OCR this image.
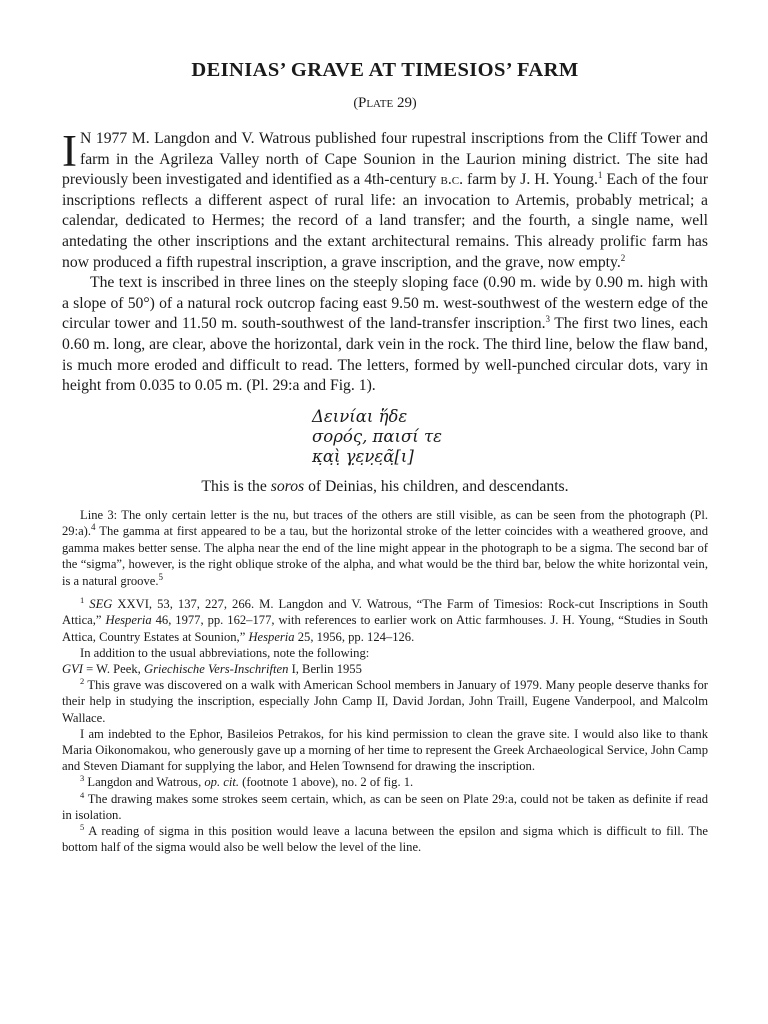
DEINIAS’ GRAVE AT TIMESIOS’ FARM
(Plate 29)

I N 1977 M. Langdon and V. Watrous published four rupestral inscriptions from the Cliff Tower and farm in the Agrileza Valley north of Cape Sounion in the Laurion mining district. The site had previously been investigated and identified as a 4th-century b.c. farm by J. H. Young.$^1$ Each of the four inscriptions reflects a different aspect of rural life: an invocation to Artemis, probably metrical; a calendar, dedicated to Hermes; the record of a land transfer; and the fourth, a single name, well antedating the other inscriptions and the extant architectural remains. This already prolific farm has now produced a fifth rupestral inscription, a grave inscription, and the grave, now empty.$^2$

The text is inscribed in three lines on the steeply sloping face (0.90 m. wide by 0.90 m. high with a slope of 50°) of a natural rock outcrop facing east 9.50 m. west-southwest of the western edge of the circular tower and 11.50 m. south-southwest of the land-transfer inscription.$^3$ The first two lines, each 0.60 m. long, are clear, above the horizontal, dark vein in the rock. The third line, below the flaw band, is much more eroded and difficult to read. The letters, formed by well-punched circular dots, vary in height from 0.035 to 0.05 m. (Pl. 29:a and Fig. 1).

Δεινίαι ἥδε
σορός, παισί τε
κ̣α̣ὶ̣ γ̣ε̣ν̣ε̣ᾶ̣[ι]
This is the soros of Deinias, his children, and descendants.
Line 3: The only certain letter is the nu, but traces of the others are still visible, as can be seen from the photograph (Pl. 29:a).$^4$ The gamma at first appeared to be a tau, but the horizontal stroke of the letter coincides with a weathered groove, and gamma makes better sense. The alpha near the end of the line might appear in the photograph to be a sigma. The second bar of the “sigma”, however, is the right oblique stroke of the alpha, and what would be the third bar, below the white horizontal vein, is a natural groove.$^5$

$^1$ SEG XXVI, 53, 137, 227, 266. M. Langdon and V. Watrous, “The Farm of Timesios: Rock-cut Inscriptions in South Attica,” Hesperia 46, 1977, pp. 162–177, with references to earlier work on Attic farmhouses. J. H. Young, “Studies in South Attica, Country Estates at Sounion,” Hesperia 25, 1956, pp. 124–126.

In addition to the usual abbreviations, note the following:

GVI = W. Peek, Griechische Vers-Inschriften I, Berlin 1955

$^2$ This grave was discovered on a walk with American School members in January of 1979. Many people deserve thanks for their help in studying the inscription, especially John Camp II, David Jordan, John Traill, Eugene Vanderpool, and Malcolm Wallace.

I am indebted to the Ephor, Basileios Petrakos, for his kind permission to clean the grave site. I would also like to thank Maria Oikonomakou, who generously gave up a morning of her time to represent the Greek Archaeological Service, John Camp and Steven Diamant for supplying the labor, and Helen Townsend for drawing the inscription.

$^3$ Langdon and Watrous, op. cit. (footnote 1 above), no. 2 of fig. 1.

$^4$ The drawing makes some strokes seem certain, which, as can be seen on Plate 29:a, could not be taken as definite if read in isolation.

$^5$ A reading of sigma in this position would leave a lacuna between the epsilon and sigma which is difficult to fill. The bottom half of the sigma would also be well below the level of the line.
